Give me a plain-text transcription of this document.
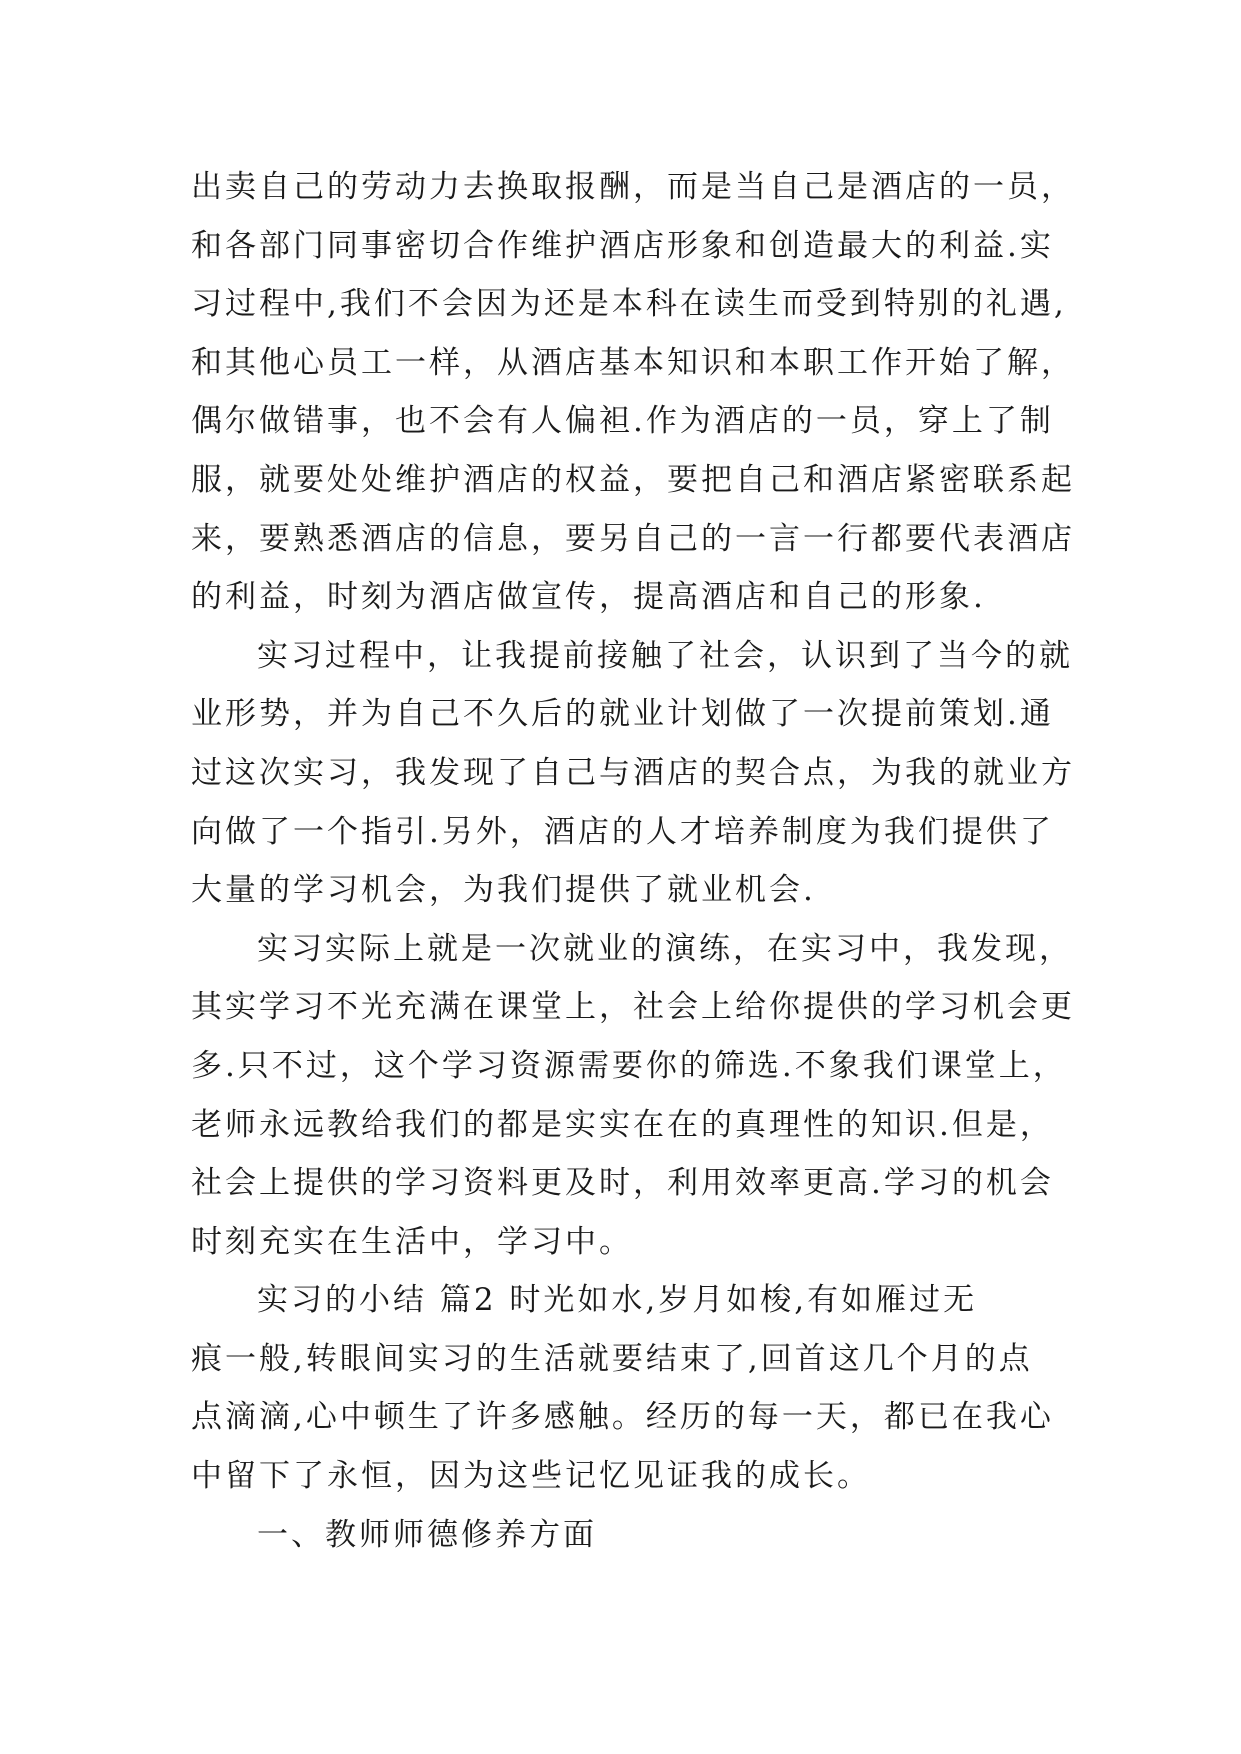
出卖自己的劳动力去换取报酬，而是当自己是酒店的一员，
和各部门同事密切合作维护酒店形象和创造最大的利益.实
习过程中,我们不会因为还是本科在读生而受到特别的礼遇,
和其他心员工一样，从酒店基本知识和本职工作开始了解，
偶尔做错事，也不会有人偏袒.作为酒店的一员，穿上了制
服，就要处处维护酒店的权益，要把自己和酒店紧密联系起
来，要熟悉酒店的信息，要另自己的一言一行都要代表酒店
的利益，时刻为酒店做宣传，提高酒店和自己的形象.
实习过程中，让我提前接触了社会，认识到了当今的就
业形势，并为自己不久后的就业计划做了一次提前策划.通
过这次实习，我发现了自己与酒店的契合点，为我的就业方
向做了一个指引.另外，酒店的人才培养制度为我们提供了
大量的学习机会，为我们提供了就业机会.
实习实际上就是一次就业的演练，在实习中，我发现，
其实学习不光充满在课堂上，社会上给你提供的学习机会更
多.只不过，这个学习资源需要你的筛选.不象我们课堂上，
老师永远教给我们的都是实实在在的真理性的知识.但是，
社会上提供的学习资料更及时，利用效率更高.学习的机会
时刻充实在生活中，学习中。
实习的小结 篇2 时光如水,岁月如梭,有如雁过无
痕一般,转眼间实习的生活就要结束了,回首这几个月的点
点滴滴,心中顿生了许多感触。经历的每一天，都已在我心
中留下了永恒，因为这些记忆见证我的成长。
一、教师师德修养方面
